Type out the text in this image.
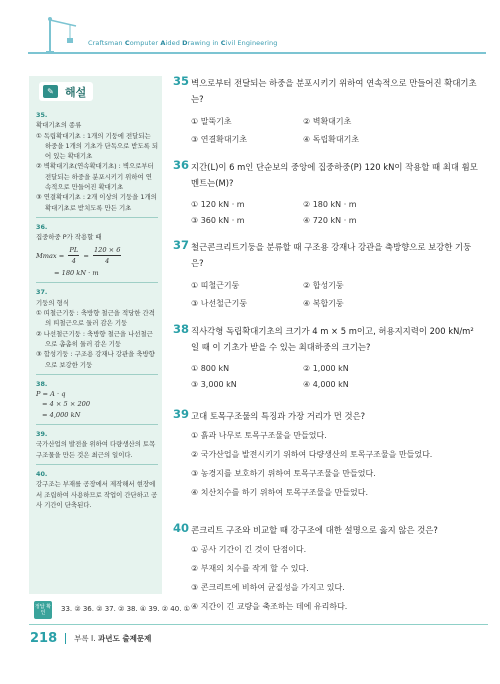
Craftsman Computer Aided Drawing in Civil Engineering
✎	해설
35.
확대기초의 종류
① 독립확대기초 : 1개의 기둥에 전달되는 하중을 1개의 기초가 단독으로 받도록 되어 있는 확대기초
② 벽확대기초(연속확대기초) : 벽으로부터 전달되는 하중을 분포시키기 위하여 연속적으로 만들어진 확대기초
③ 연결확대기초 : 2개 이상의 기둥을 1개의 확대기초로 받치도록 만든 기초
36.
집중하중 P가 작용할 때
$Mmax = \frac{PL}{4} = \frac{120 \times 6}{4}$
= 180 kN · m
37.
기둥의 형식
① 띠철근기둥 : 축방향 철근을 적당한 간격의 띠철근으로 둘러 감은 기둥
② 나선철근기둥 : 축방향 철근을 나선철근으로 촘촘히 둘러 감은 기둥
③ 합성기둥 : 구조용 강재나 강관을 축방향으로 보강한 기둥
38.
P = A · q
= 4 × 5 × 200
= 4,000 kN
39.
국가산업의 발전을 위하여 다량생산의 토목구조물을 만든 것은 최근의 일이다.
40.
강구조는 부재를 공장에서 제작해서 현장에서 조립하여 사용하므로 작업이 간단하고 공사 기간이 단축된다.
35 벽으로부터 전달되는 하중을 분포시키기 위하여 연속적으로 만들어진 확대기초는?
① 말뚝기초	② 벽확대기초
③ 연결확대기초	④ 독립확대기초
36 지간(L)이 6 m인 단순보의 중앙에 집중하중(P) 120 kN이 작용할 때 최대 휨모멘트는(M)?
① 120 kN · m	② 180 kN · m
③ 360 kN · m	④ 720 kN · m
37 철근콘크리트기둥을 분류할 때 구조용 강재나 강관을 축방향으로 보강한 기둥은?
① 띠철근기둥	② 합성기둥
③ 나선철근기둥	④ 복합기둥
38 직사각형 독립확대기초의 크기가 4 m × 5 m이고, 허용지지력이 200 kN/m² 일 때 이 기초가 받을 수 있는 최대하중의 크기는?
① 800 kN	② 1,000 kN
③ 3,000 kN	④ 4,000 kN
39 고대 토목구조물의 특징과 가장 거리가 먼 것은?
① 흙과 나무로 토목구조물을 만들었다.
② 국가산업을 발전시키기 위하여 다량생산의 토목구조물을 만들었다.
③ 농경지를 보호하기 위하여 토목구조물을 만들었다.
④ 치산치수를 하기 위하여 토목구조물을 만들었다.
40 콘크리트 구조와 비교할 때 강구조에 대한 설명으로 옳지 않은 것은?
① 공사 기간이 긴 것이 단점이다.
② 부재의 치수를 작게 할 수 있다.
③ 콘크리트에 비하여 균질성을 가지고 있다.
④ 지간이 긴 교량을 축조하는 데에 유리하다.
정답 확인	33. ② 36. ② 37. ② 38. ④ 39. ② 40. ①
218 부록 Ⅰ. 과년도 출제문제
